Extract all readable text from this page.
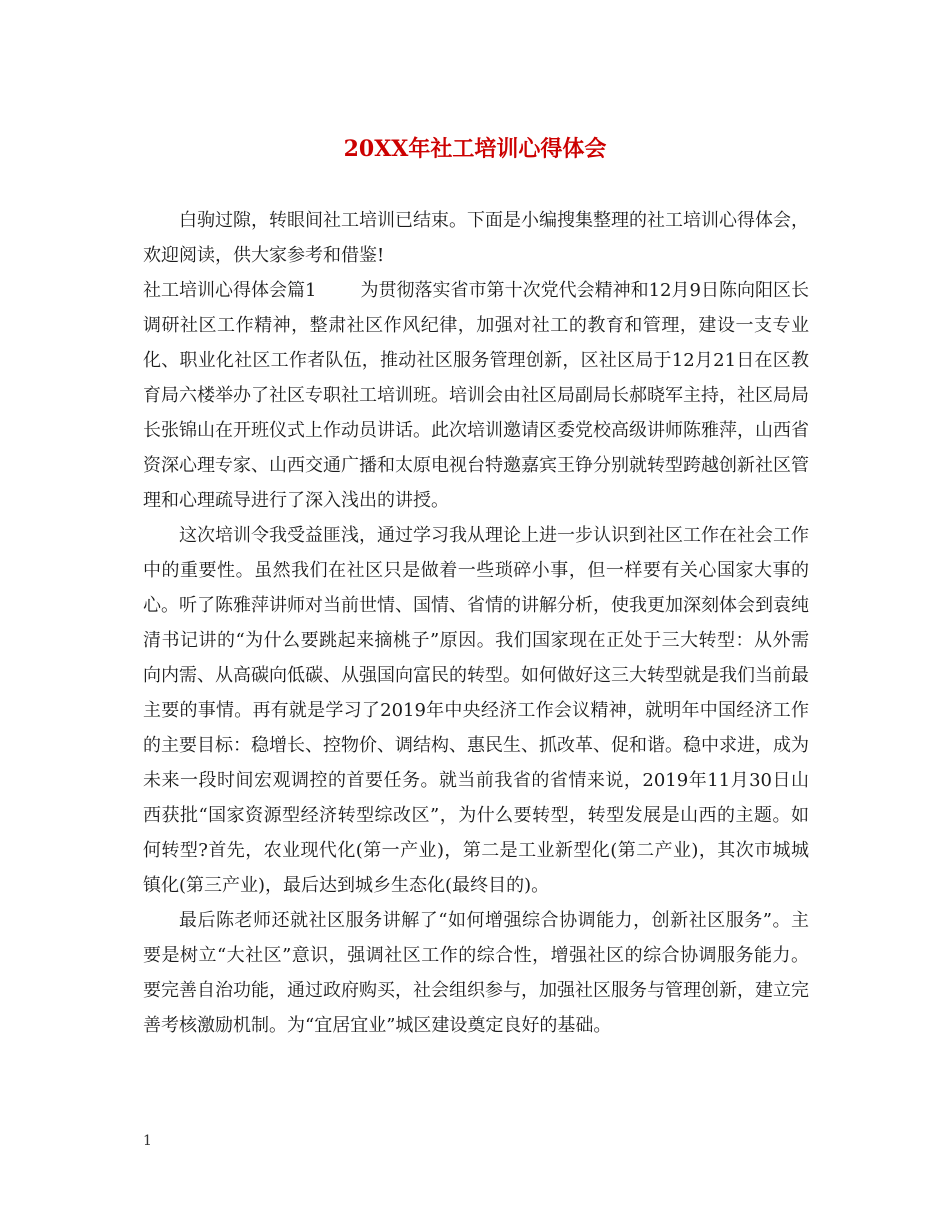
20XX年社工培训心得体会

白驹过隙，转眼间社工培训已结束。下面是小编搜集整理的社工培训心得体会，欢迎阅读，供大家参考和借鉴!

社工培训心得体会篇1 为贯彻落实省市第十次党代会精神和12月9日陈向阳区长调研社区工作精神，整肃社区作风纪律，加强对社工的教育和管理，建设一支专业化、职业化社区工作者队伍，推动社区服务管理创新，区社区局于12月21日在区教育局六楼举办了社区专职社工培训班。培训会由社区局副局长郝晓军主持，社区局局长张锦山在开班仪式上作动员讲话。此次培训邀请区委党校高级讲师陈雅萍，山西省资深心理专家、山西交通广播和太原电视台特邀嘉宾王铮分别就转型跨越创新社区管理和心理疏导进行了深入浅出的讲授。

这次培训令我受益匪浅，通过学习我从理论上进一步认识到社区工作在社会工作中的重要性。虽然我们在社区只是做着一些琐碎小事，但一样要有关心国家大事的心。听了陈雅萍讲师对当前世情、国情、省情的讲解分析，使我更加深刻体会到袁纯清书记讲的“为什么要跳起来摘桃子”原因。我们国家现在正处于三大转型：从外需向内需、从高碳向低碳、从强国向富民的转型。如何做好这三大转型就是我们当前最主要的事情。再有就是学习了2019年中央经济工作会议精神，就明年中国经济工作的主要目标：稳增长、控物价、调结构、惠民生、抓改革、促和谐。稳中求进，成为未来一段时间宏观调控的首要任务。就当前我省的省情来说，2019年11月30日山西获批“国家资源型经济转型综改区”，为什么要转型，转型发展是山西的主题。如何转型?首先，农业现代化(第一产业)，第二是工业新型化(第二产业)，其次市城城镇化(第三产业)，最后达到城乡生态化(最终目的)。

最后陈老师还就社区服务讲解了“如何增强综合协调能力，创新社区服务”。主要是树立“大社区”意识，强调社区工作的综合性，增强社区的综合协调服务能力。要完善自治功能，通过政府购买，社会组织参与，加强社区服务与管理创新，建立完善考核激励机制。为“宜居宜业”城区建设奠定良好的基础。

1
